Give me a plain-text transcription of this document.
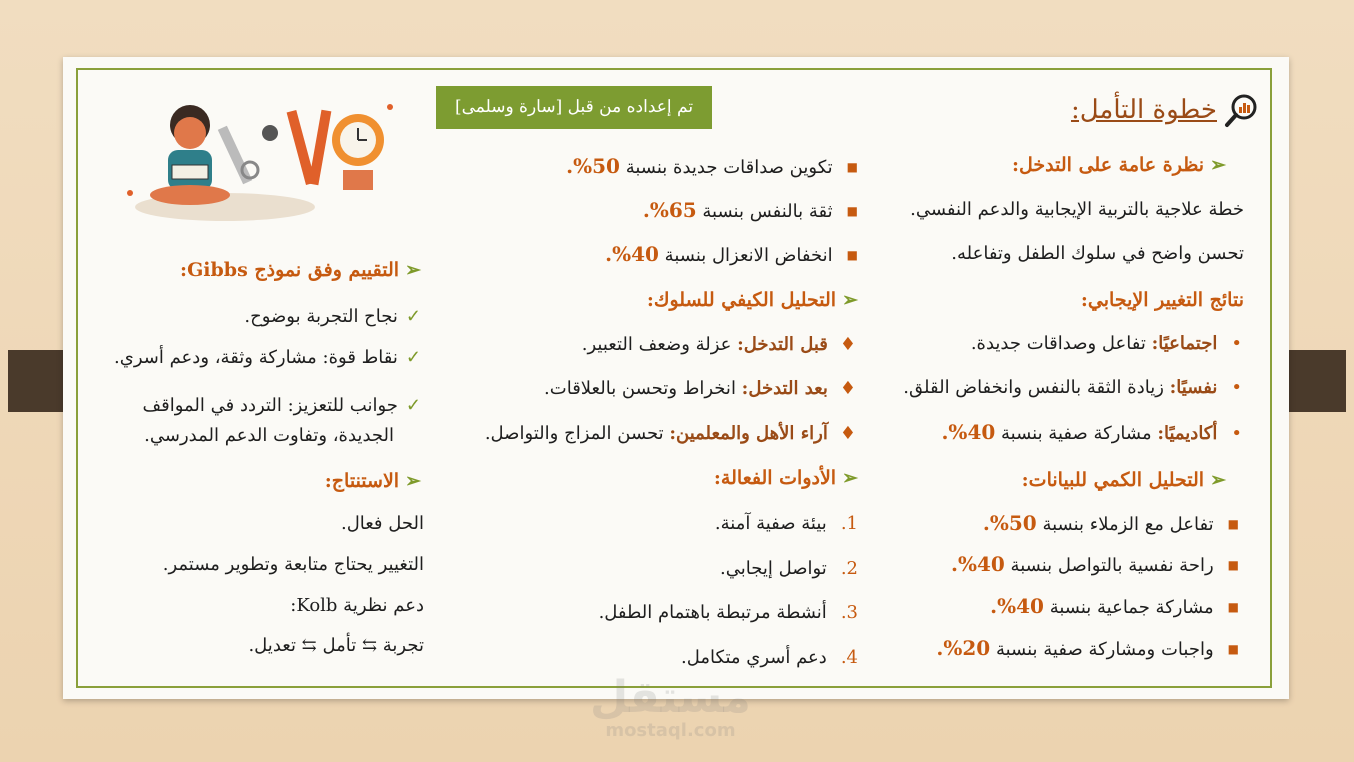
تم إعداده من قبل [سارة وسلمى]	خطوة التأمل:
➢نظرة عامة على التدخل:
خطة علاجية بالتربية الإيجابية والدعم النفسي.
تحسن واضح في سلوك الطفل وتفاعله.
نتائج التغيير الإيجابي:
•اجتماعيًا: تفاعل وصداقات جديدة.
•نفسيًا: زيادة الثقة بالنفس وانخفاض القلق.
•أكاديميًا: مشاركة صفية بنسبة 40%.
➢التحليل الكمي للبيانات:
■تفاعل مع الزملاء بنسبة 50%.
■راحة نفسية بالتواصل بنسبة 40%.
■مشاركة جماعية بنسبة 40%.
■واجبات ومشاركة صفية بنسبة 20%.
■تكوين صداقات جديدة بنسبة 50%.
■ثقة بالنفس بنسبة 65%.
■انخفاض الانعزال بنسبة 40%.
➢التحليل الكيفي للسلوك:
♦قبل التدخل: عزلة وضعف التعبير.
♦بعد التدخل: انخراط وتحسن بالعلاقات.
♦آراء الأهل والمعلمين: تحسن المزاج والتواصل.
➢الأدوات الفعالة:
1.بيئة صفية آمنة.
2.تواصل إيجابي.
3.أنشطة مرتبطة باهتمام الطفل.
4.دعم أسري متكامل.
➢التقييم وفق نموذج Gibbs:
✓نجاح التجربة بوضوح.
✓نقاط قوة: مشاركة وثقة، ودعم أسري.
✓جوانب للتعزيز: التردد في المواقف
الجديدة، وتفاوت الدعم المدرسي.
➢الاستنتاج:
الحل فعال.
التغيير يحتاج متابعة وتطوير مستمر.
دعم نظرية Kolb:
تجربة ⇆ تأمل ⇆ تعديل.
مستقل
mostaql.com
